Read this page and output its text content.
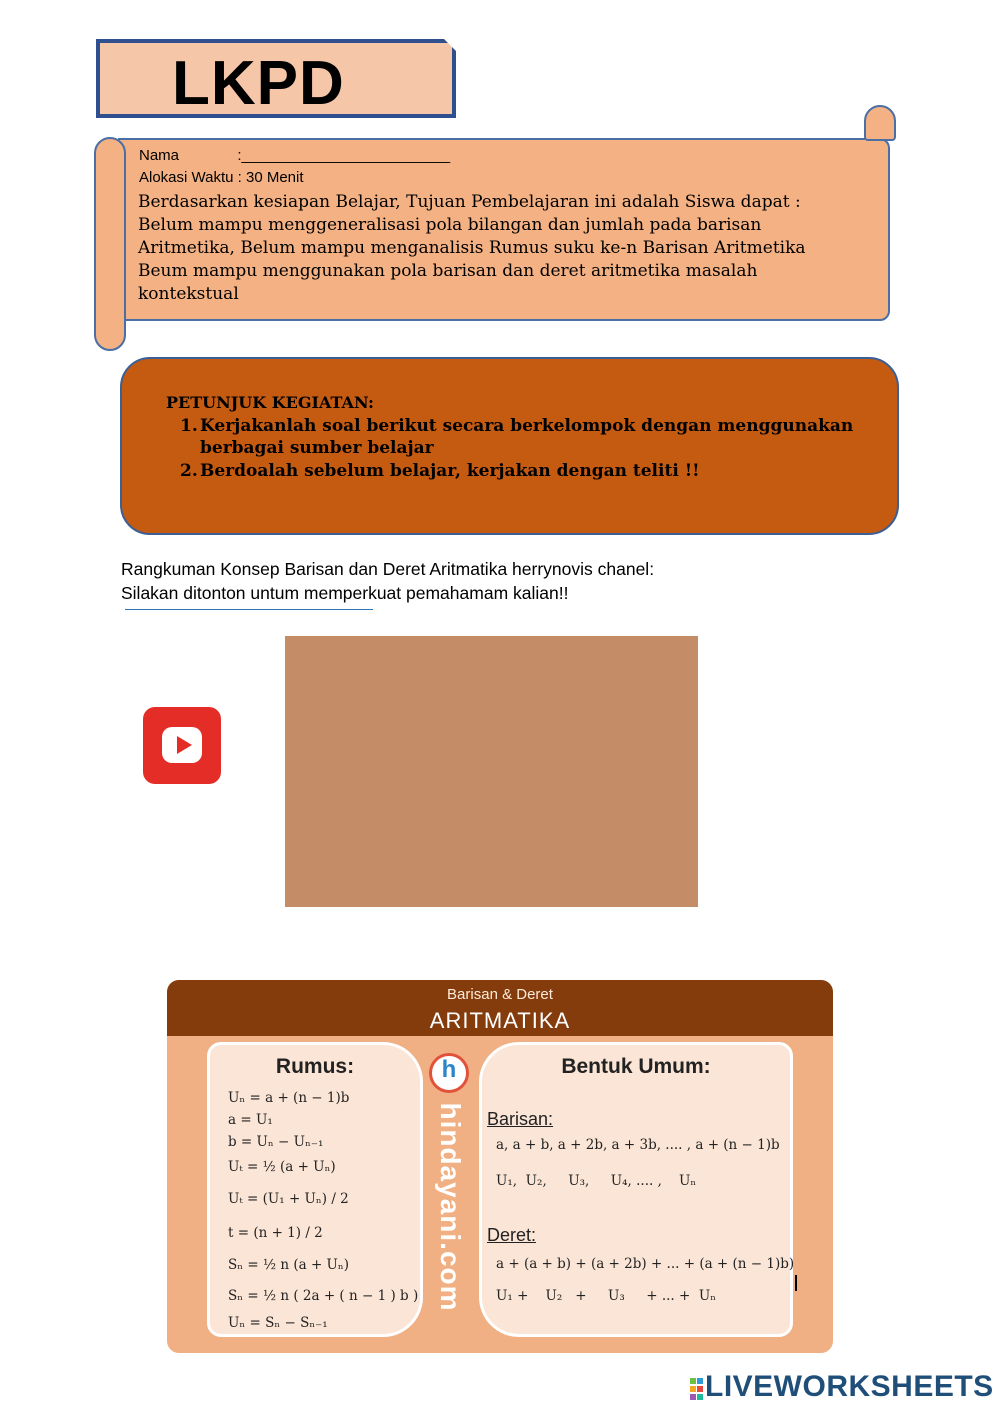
LKPD
Nama              :_________________________
Alokasi Waktu : 30 Menit
Berdasarkan kesiapan Belajar, Tujuan Pembelajaran ini adalah Siswa dapat :
Belum mampu menggeneralisasi pola bilangan dan jumlah pada barisan
Aritmetika, Belum mampu menganalisis Rumus suku ke-n Barisan Aritmetika
Beum mampu menggunakan pola barisan dan deret aritmetika masalah
kontekstual
PETUNJUK KEGIATAN:
1. Kerjakanlah soal berikut secara berkelompok dengan menggunakan berbagai sumber belajar
2. Berdoalah sebelum belajar, kerjakan dengan teliti !!
Rangkuman Konsep Barisan dan Deret Aritmatika herrynovis chanel:
Silakan ditonton untum memperkuat pemahamam kalian!!
Barisan & Deret
ARITMATIKA
Rumus:
Uₙ = a + (n − 1)b
a = U₁
b = Uₙ − Uₙ₋₁
Uₜ = ½ (a + Uₙ)
Uₜ = (U₁ + Uₙ) / 2
t = (n + 1) / 2
Sₙ = ½ n (a + Uₙ)
Sₙ = ½ n ( 2a + ( n − 1 ) b )
Uₙ = Sₙ − Sₙ₋₁
h
hindayani.com
Bentuk Umum:
Barisan:
a, a + b, a + 2b, a + 3b, .... , a + (n − 1)b
U₁,  U₂,     U₃,     U₄, .... ,    Uₙ
Deret:
a + (a + b) + (a + 2b) + ... + (a + (n − 1)b)
U₁ +    U₂   +     U₃     + ... +  Uₙ
LIVEWORKSHEETS
